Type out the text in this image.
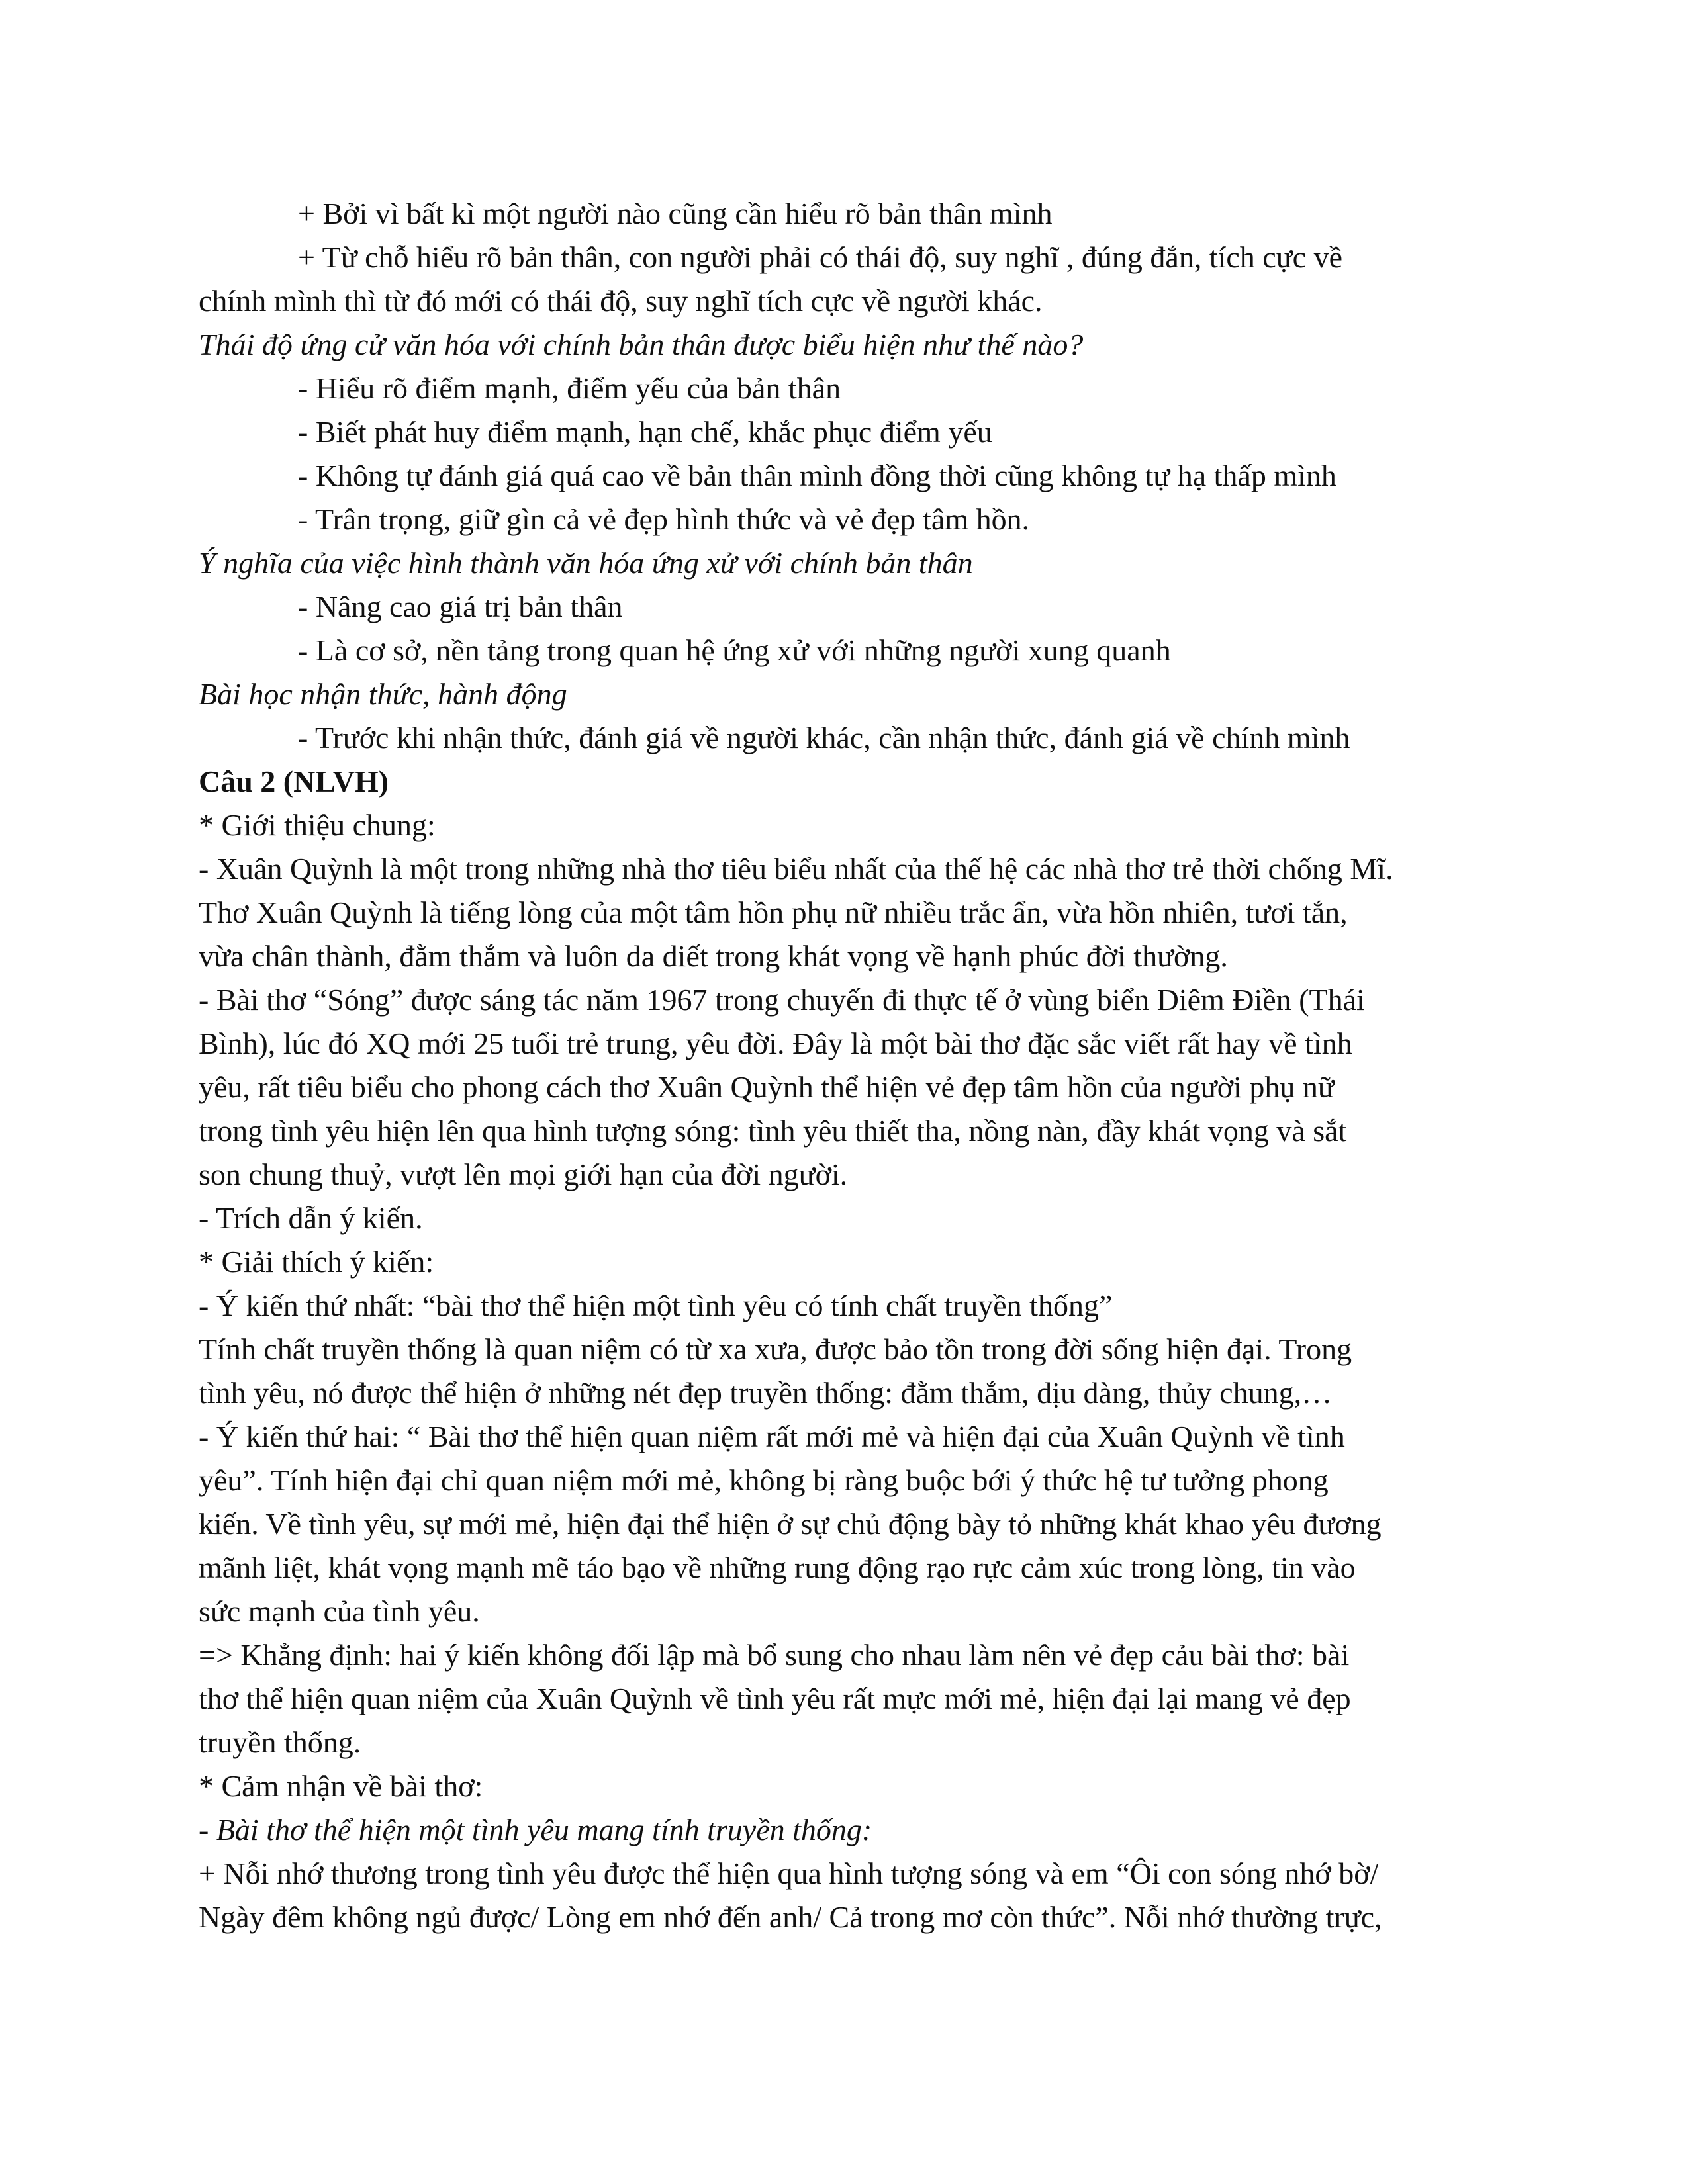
+ Bởi vì bất kì một người nào cũng cần hiểu rõ bản thân mình
+ Từ chỗ hiểu rõ bản thân, con người phải có thái độ, suy nghĩ , đúng đắn, tích cực về
chính mình thì từ đó mới có thái độ, suy nghĩ tích cực về người khác.
Thái độ ứng cử văn hóa với chính bản thân được biểu hiện như thế nào?
- Hiểu rõ điểm mạnh, điểm yếu của bản thân
- Biết phát huy điểm mạnh, hạn chế, khắc phục điểm yếu
- Không tự đánh giá quá cao về bản thân mình đồng thời cũng không tự hạ thấp mình
- Trân trọng, giữ gìn cả vẻ đẹp hình thức và vẻ đẹp tâm hồn.
Ý nghĩa của việc hình thành văn hóa ứng xử với chính bản thân
- Nâng cao giá trị bản thân
- Là cơ sở, nền tảng trong quan hệ ứng xử với những người xung quanh
Bài học nhận thức, hành động
- Trước khi nhận thức, đánh giá về người khác, cần nhận thức, đánh giá về chính mình
Câu 2 (NLVH)
* Giới thiệu chung:
- Xuân Quỳnh là một trong những nhà thơ tiêu biểu nhất của thế hệ các nhà thơ trẻ thời chống Mĩ.
Thơ Xuân Quỳnh là tiếng lòng của một tâm hồn phụ nữ nhiều trắc ẩn, vừa hồn nhiên, tươi tắn,
vừa chân thành, đằm thắm và luôn da diết trong khát vọng về hạnh phúc đời thường.
- Bài thơ “Sóng” được sáng tác năm 1967 trong chuyến đi thực tế ở vùng biển Diêm Điền (Thái
Bình), lúc đó XQ mới 25 tuổi trẻ trung, yêu đời. Đây là một bài thơ đặc sắc viết rất hay về tình
yêu, rất tiêu biểu cho phong cách thơ Xuân Quỳnh thể hiện vẻ đẹp tâm hồn của người phụ nữ
trong tình yêu hiện lên qua hình tượng sóng: tình yêu thiết tha, nồng nàn, đầy khát vọng và sắt
son chung thuỷ, vượt lên mọi giới hạn của đời người.
- Trích dẫn ý kiến.
* Giải thích ý kiến:
- Ý kiến thứ nhất: “bài thơ thể hiện một tình yêu có tính chất truyền thống”
Tính chất truyền thống là quan niệm có từ xa xưa, được bảo tồn trong đời sống hiện đại. Trong
tình yêu, nó được thể hiện ở những nét đẹp truyền thống: đằm thắm, dịu dàng, thủy chung,…
- Ý kiến thứ hai: “ Bài thơ thể hiện quan niệm rất mới mẻ và hiện đại của Xuân Quỳnh về tình
yêu”. Tính hiện đại chỉ quan niệm mới mẻ, không bị ràng buộc bới ý thức hệ tư tưởng phong
kiến. Về tình yêu, sự mới mẻ, hiện đại thể hiện ở sự chủ động bày tỏ những khát khao yêu đương
mãnh liệt, khát vọng mạnh mẽ táo bạo về những rung động rạo rực cảm xúc trong lòng, tin vào
sức mạnh của tình yêu.
=> Khẳng định: hai ý kiến không đối lập mà bổ sung cho nhau làm nên vẻ đẹp cảu bài thơ: bài
thơ thể hiện quan niệm của Xuân Quỳnh về tình yêu rất mực mới mẻ, hiện đại lại mang vẻ đẹp
truyền thống.
* Cảm nhận về bài thơ:
- Bài thơ thể hiện một tình yêu mang tính truyền thống:
+ Nỗi nhớ thương trong tình yêu được thể hiện qua hình tượng sóng và em “Ôi con sóng nhớ bờ/
Ngày đêm không ngủ được/ Lòng em nhớ đến anh/ Cả trong mơ còn thức”. Nỗi nhớ thường trực,
